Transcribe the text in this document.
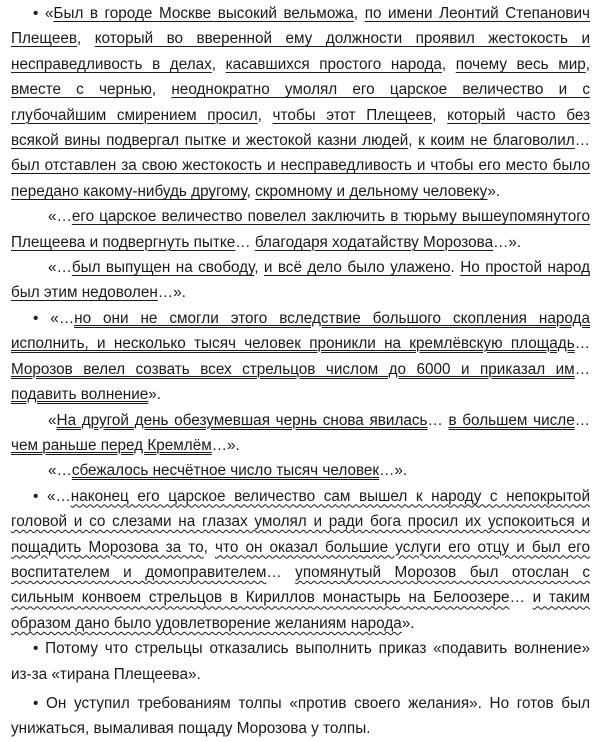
• «Был в городе Москве высокий вельможа, по имени Леонтий Степанович Плещеев, который во вверенной ему должности проявил жестокость и несправедливость в делах, касавшихся простого народа, почему весь мир, вместе с чернью, неоднократно умолял его царское величество и с глубочайшим смирением просил, чтобы этот Плещеев, который часто без всякой вины подвергал пытке и жестокой казни людей, к коим не благоволил… был отставлен за свою жестокость и несправедливость и чтобы его место было передано какому-нибудь другому, скромному и дельному человеку».

«…его царское величество повелел заключить в тюрьму вышеупомянутого Плещеева и подвергнуть пытке… благодаря ходатайству Морозова…».

«…был выпущен на свободу, и всё дело было улажено. Но простой народ был этим недоволен…».

• «…но они не смогли этого вследствие большого скопления народа исполнить, и несколько тысяч человек проникли на кремлёвскую площадь… Морозов велел созвать всех стрельцов числом до 6000 и приказал им… подавить волнение».

«На другой день обезумевшая чернь снова явилась… в большем числе… чем раньше перед Кремлём…».

«…сбежалось несчётное число тысяч человек…».

• «…наконец его царское величество сам вышел к народу с непокрытой головой и со слезами на глазах умолял и ради бога просил их успокоиться и пощадить Морозова за то, что он оказал большие услуги его отцу и был его воспитателем и домоправителем… упомянутый Морозов был отослан с сильным конвоем стрельцов в Кириллов монастырь на Белоозере… и таким образом дано было удовлетворение желаниям народа».

• Потому что стрельцы отказались выполнить приказ «подавить волнение» из-за «тирана Плещеева».

• Он уступил требованиям толпы «против своего желания». Но готов был унижаться, вымаливая пощаду Морозова у толпы.
